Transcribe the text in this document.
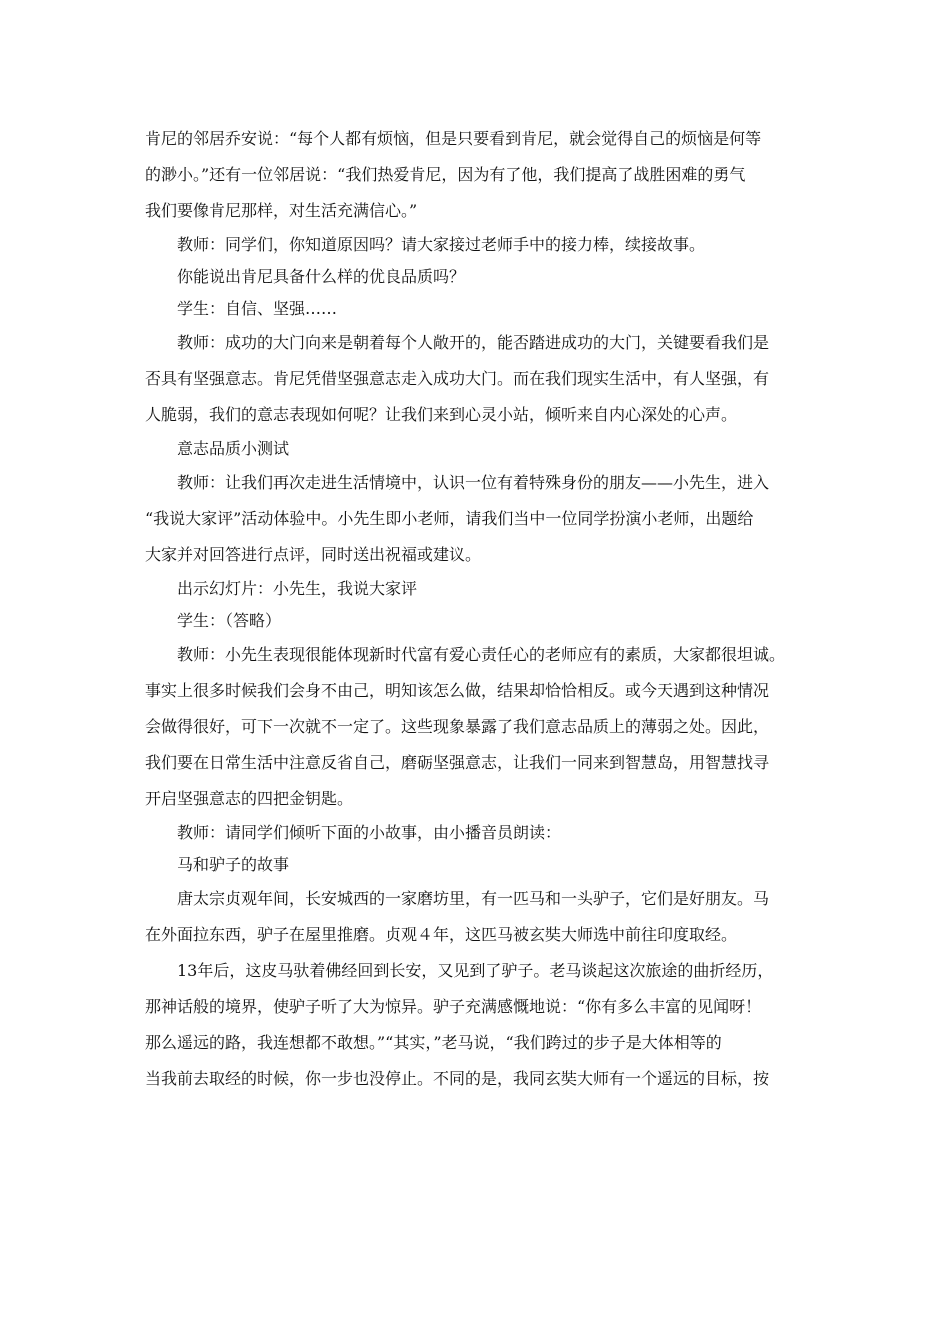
肯尼的邻居乔安说：“每个人都有烦恼，但是只要看到肯尼，就会觉得自己的烦恼是何等
的渺小。”还有一位邻居说：“我们热爱肯尼，因为有了他，我们提高了战胜困难的勇气
我们要像肯尼那样，对生活充满信心。”
教师：同学们，你知道原因吗？请大家接过老师手中的接力棒，续接故事。
你能说出肯尼具备什么样的优良品质吗？
学生：自信、坚强……
　　教师：成功的大门向来是朝着每个人敞开的，能否踏进成功的大门，关键要看我们是
否具有坚强意志。肯尼凭借坚强意志走入成功大门。而在我们现实生活中，有人坚强，有
人脆弱，我们的意志表现如何呢？让我们来到心灵小站，倾听来自内心深处的心声。
意志品质小测试
　　教师：让我们再次走进生活情境中，认识一位有着特殊身份的朋友——小先生，进入
“我说大家评”活动体验中。小先生即小老师，请我们当中一位同学扮演小老师，出题给
大家并对回答进行点评，同时送出祝福或建议。
出示幻灯片：小先生，我说大家评
学生：（答略）
　　教师：小先生表现很能体现新时代富有爱心责任心的老师应有的素质，大家都很坦诚。
事实上很多时候我们会身不由己，明知该怎么做，结果却恰恰相反。或今天遇到这种情况
会做得很好，可下一次就不一定了。这些现象暴露了我们意志品质上的薄弱之处。因此，
我们要在日常生活中注意反省自己，磨砺坚强意志，让我们一同来到智慧岛，用智慧找寻
开启坚强意志的四把金钥匙。
教师：请同学们倾听下面的小故事，由小播音员朗读：
马和驴子的故事
　　唐太宗贞观年间，长安城西的一家磨坊里，有一匹马和一头驴子，它们是好朋友。马
在外面拉东西，驴子在屋里推磨。贞观４年，这匹马被玄奘大师选中前往印度取经。
　　13年后，这皮马驮着佛经回到长安，又见到了驴子。老马谈起这次旅途的曲折经历，
那神话般的境界，使驴子听了大为惊异。驴子充满感慨地说：“你有多么丰富的见闻呀！
那么遥远的路，我连想都不敢想。”“其实，”老马说，“我们跨过的步子是大体相等的
当我前去取经的时候，你一步也没停止。不同的是，我同玄奘大师有一个遥远的目标，按
